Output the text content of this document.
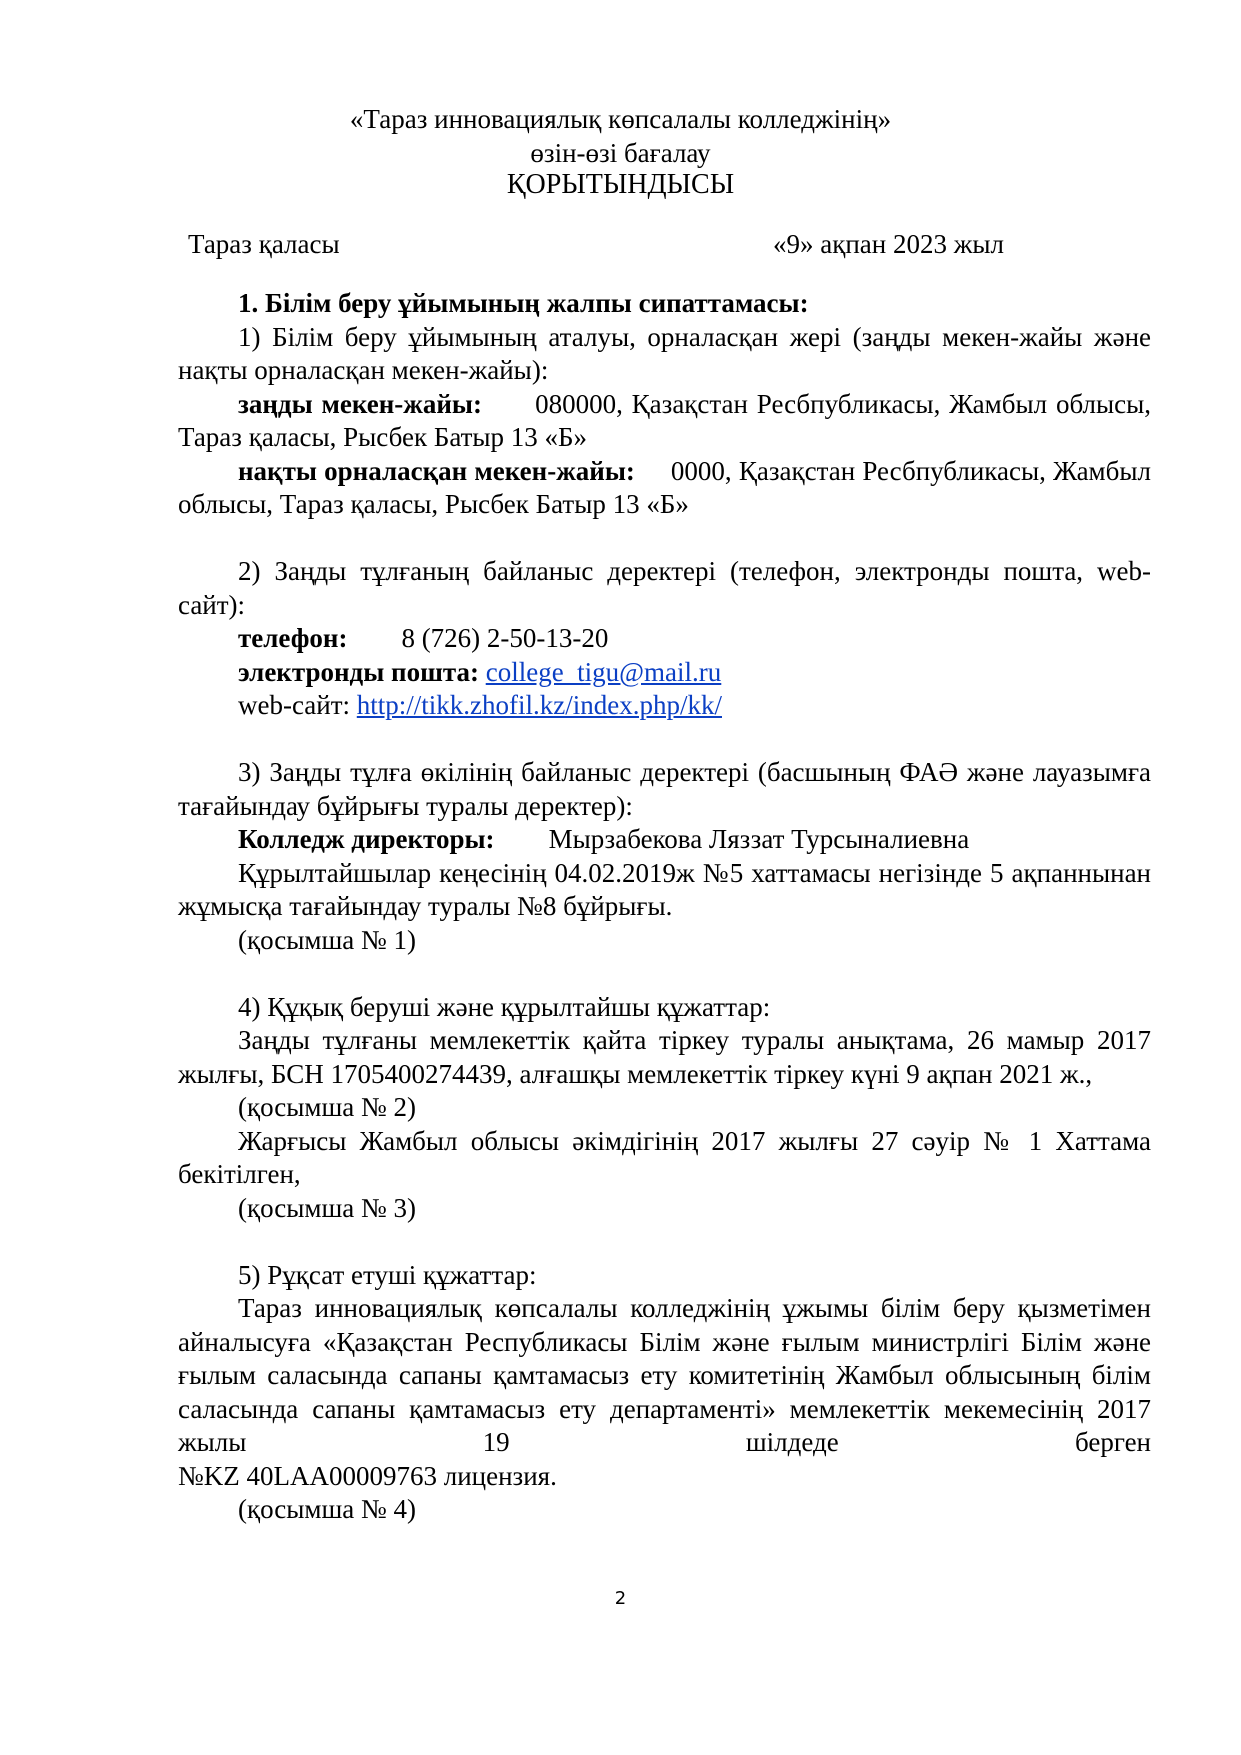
«Тараз инновациялық көпсалалы колледжінің»
өзін-өзі бағалау
ҚОРЫТЫНДЫСЫ
Тараз қаласы	«9» ақпан 2023 жыл

1. Білім беру ұйымының жалпы сипаттамасы:

1) Білім беру ұйымының аталуы, орналасқан жері (заңды мекен-жайы және нақты орналасқан мекен-жайы):

заңды мекен-жайы: 080000, Қазақстан Ресбпубликасы, Жамбыл облысы, Тараз қаласы, Рысбек Батыр 13 «Б»

нақты орналасқан мекен-жайы: 0000, Қазақстан Ресбпубликасы, Жамбыл облысы, Тараз қаласы, Рысбек Батыр 13 «Б»

2) Заңды тұлғаның байланыс деректері (телефон, электронды пошта, web-сайт):

телефон: 8 (726) 2-50-13-20

электронды пошта: college_tigu@mail.ru

web-сайт: http://tikk.zhofil.kz/index.php/kk/

3) Заңды тұлға өкілінің байланыс деректері (басшының ФАӘ және лауазымға тағайындау бұйрығы туралы деректер):

Колледж директоры: Мырзабекова Ляззат Турсыналиевна

Құрылтайшылар кеңесінің 04.02.2019ж №5 хаттамасы негізінде 5 ақпаннынан жұмысқа тағайындау туралы №8 бұйрығы.

(қосымша № 1)

4) Құқық беруші және құрылтайшы құжаттар:

Заңды тұлғаны мемлекеттік қайта тіркеу туралы анықтама, 26 мамыр 2017 жылғы, БСН 1705400274439, алғашқы мемлекеттік тіркеу күні 9 ақпан 2021 ж.,

(қосымша № 2)

Жарғысы Жамбыл облысы әкімдігінің 2017 жылғы 27 сәуір № 1 Хаттама бекітілген,

(қосымша № 3)

5) Рұқсат етуші құжаттар:

Тараз инновациялық көпсалалы колледжінің ұжымы білім беру қызметімен айналысуға «Қазақстан Республикасы Білім және ғылым министрлігі Білім және ғылым саласында сапаны қамтамасыз ету комитетінің Жамбыл облысының білім саласында сапаны қамтамасыз ету департаменті» мемлекеттік мекемесінің 2017 жылы 19 шілдеде берген

№KZ 40LAA00009763 лицензия.

(қосымша № 4)

2
